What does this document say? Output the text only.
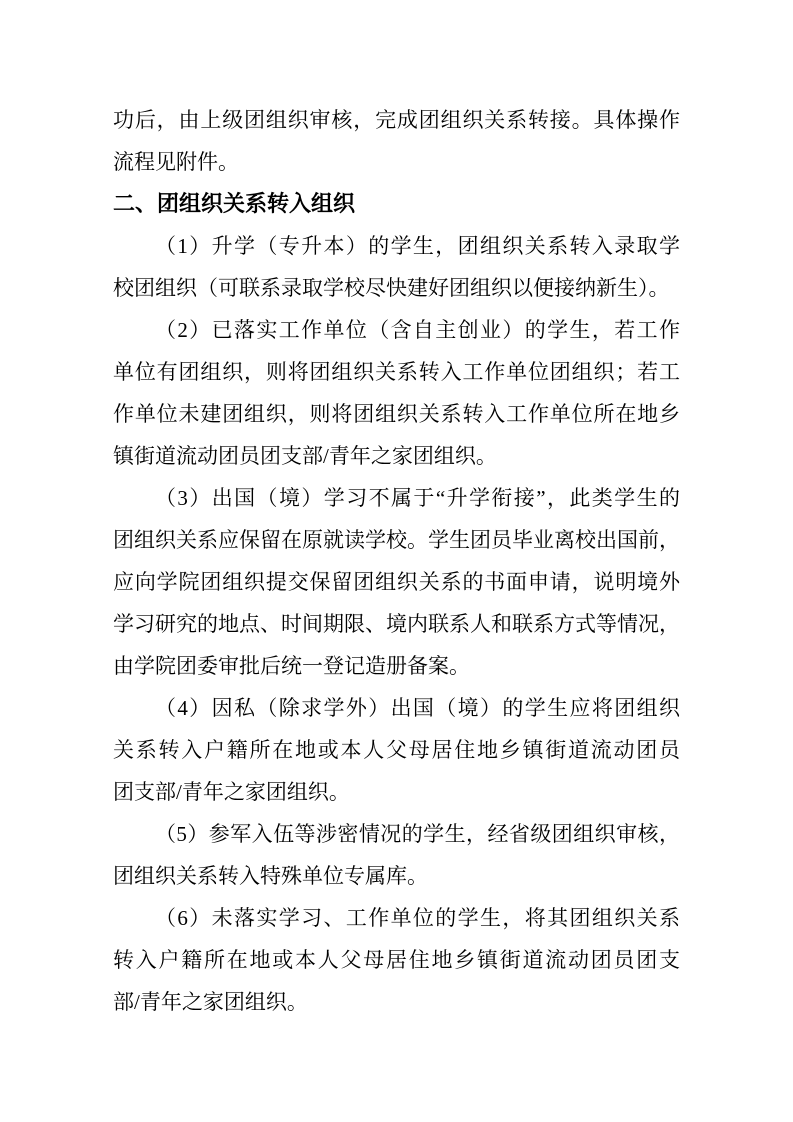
功后，由上级团组织审核，完成团组织关系转接。具体操作
流程见附件。
二、团组织关系转入组织
（1）升学（专升本）的学生，团组织关系转入录取学
校团组织（可联系录取学校尽快建好团组织以便接纳新生）。
（2）已落实工作单位（含自主创业）的学生，若工作
单位有团组织，则将团组织关系转入工作单位团组织；若工
作单位未建团组织，则将团组织关系转入工作单位所在地乡
镇街道流动团员团支部/青年之家团组织。
（3）出国（境）学习不属于“升学衔接”，此类学生的
团组织关系应保留在原就读学校。学生团员毕业离校出国前，
应向学院团组织提交保留团组织关系的书面申请，说明境外
学习研究的地点、时间期限、境内联系人和联系方式等情况，
由学院团委审批后统一登记造册备案。
（4）因私（除求学外）出国（境）的学生应将团组织
关系转入户籍所在地或本人父母居住地乡镇街道流动团员
团支部/青年之家团组织。
（5）参军入伍等涉密情况的学生，经省级团组织审核，
团组织关系转入特殊单位专属库。
（6）未落实学习、工作单位的学生，将其团组织关系
转入户籍所在地或本人父母居住地乡镇街道流动团员团支
部/青年之家团组织。
